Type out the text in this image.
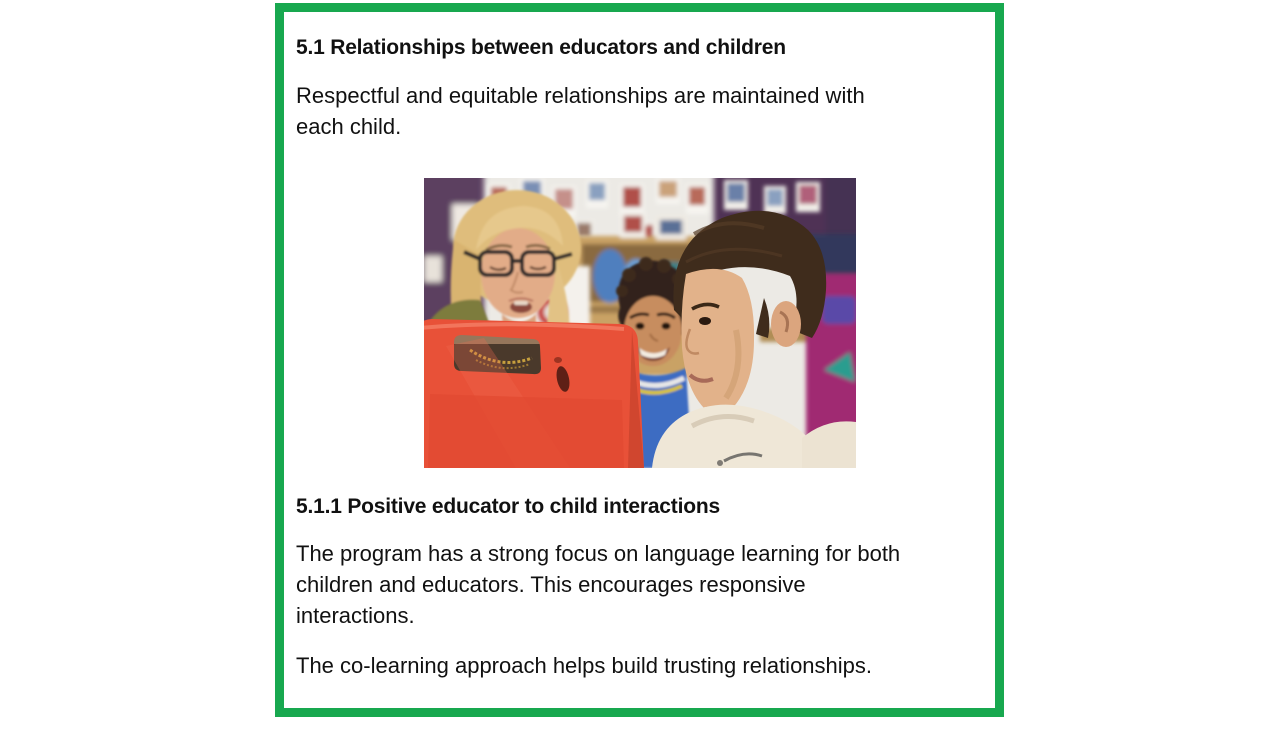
5.1 Relationships between educators and children

Respectful and equitable relationships are maintained with
each child.

5.1.1 Positive educator to child interactions

The program has a strong focus on language learning for both
children and educators. This encourages responsive
interactions.

The co-learning approach helps build trusting relationships.
